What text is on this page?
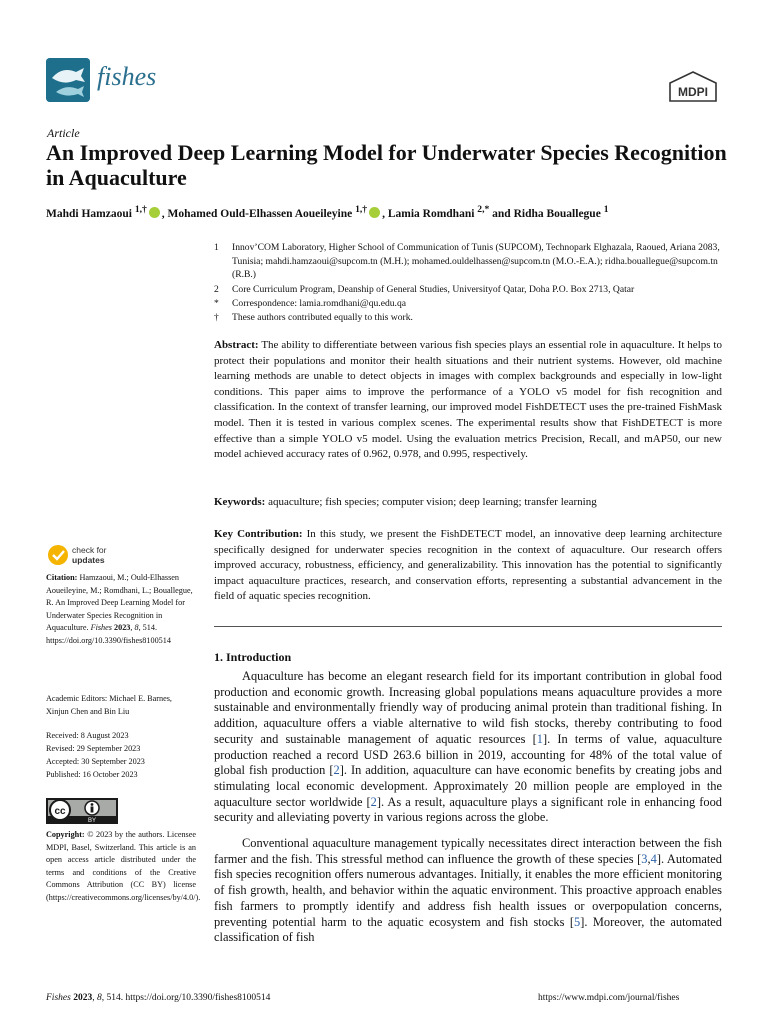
fishes
MDPI
Article
An Improved Deep Learning Model for Underwater Species Recognition in Aquaculture
Mahdi Hamzaoui $^{1,\dagger}$ , Mohamed Ould-Elhassen Aoueileyine $^{1,\dagger}$ , Lamia Romdhani $^{2,*}$ and Ridha Bouallegue $^1$
1	Innov’COM Laboratory, Higher School of Communication of Tunis (SUPCOM), Technopark Elghazala, Raoued, Ariana 2083, Tunisia; mahdi.hamzaoui@supcom.tn (M.H.); mohamed.ouldelhassen@supcom.tn (M.O.-E.A.); ridha.bouallegue@supcom.tn (R.B.)
2	Core Curriculum Program, Deanship of General Studies, Universityof Qatar, Doha P.O. Box 2713, Qatar
*	Correspondence: lamia.romdhani@qu.edu.qa
†	These authors contributed equally to this work.
Abstract: The ability to differentiate between various fish species plays an essential role in aquaculture. It helps to protect their populations and monitor their health situations and their nutrient systems. However, old machine learning methods are unable to detect objects in images with complex backgrounds and especially in low-light conditions. This paper aims to improve the performance of a YOLO v5 model for fish recognition and classification. In the context of transfer learning, our improved model FishDETECT uses the pre-trained FishMask model. Then it is tested in various complex scenes. The experimental results show that FishDETECT is more effective than a simple YOLO v5 model. Using the evaluation metrics Precision, Recall, and mAP50, our new model achieved accuracy rates of 0.962, 0.978, and 0.995, respectively.
Keywords: aquaculture; fish species; computer vision; deep learning; transfer learning
Key Contribution: In this study, we present the FishDETECT model, an innovative deep learning architecture specifically designed for underwater species recognition in the context of aquaculture. Our research offers improved accuracy, robustness, efficiency, and generalizability. This innovation has the potential to significantly impact aquaculture practices, research, and conservation efforts, representing a substantial advancement in the field of aquatic species recognition.
check for
updates
Citation: Hamzaoui, M.; Ould-Elhassen Aoueileyine, M.; Romdhani, L.; Bouallegue, R. An Improved Deep Learning Model for Underwater Species Recognition in Aquaculture. Fishes 2023, 8, 514. https://doi.org/10.3390/fishes8100514
Academic Editors: Michael E. Barnes, Xinjun Chen and Bin Liu
Received: 8 August 2023
Revised: 29 September 2023
Accepted: 30 September 2023
Published: 16 October 2023
cc
BY
Copyright: © 2023 by the authors. Licensee MDPI, Basel, Switzerland. This article is an open access article distributed under the terms and conditions of the Creative Commons Attribution (CC BY) license (https://creativecommons.org/licenses/by/4.0/).
1. Introduction
Aquaculture has become an elegant research field for its important contribution in global food production and economic growth. Increasing global populations means aquaculture provides a more sustainable and environmentally friendly way of producing animal protein than traditional fishing. In addition, aquaculture offers a viable alternative to wild fish stocks, thereby contributing to food security and sustainable management of aquatic resources [1]. In terms of value, aquaculture production reached a record USD 263.6 billion in 2019, accounting for 48% of the total value of global fish production [2]. In addition, aquaculture can have economic benefits by creating jobs and stimulating local economic development. Approximately 20 million people are employed in the aquaculture sector worldwide [2]. As a result, aquaculture plays a significant role in enhancing food security and alleviating poverty in various regions across the globe.
Conventional aquaculture management typically necessitates direct interaction between the fish farmer and the fish. This stressful method can influence the growth of these species [3,4]. Automated fish species recognition offers numerous advantages. Initially, it enables the more efficient monitoring of fish growth, health, and behavior within the aquatic environment. This proactive approach enables fish farmers to promptly identify and address fish health issues or overpopulation concerns, preventing potential harm to the aquatic ecosystem and fish stocks [5]. Moreover, the automated classification of fish
Fishes 2023, 8, 514. https://doi.org/10.3390/fishes8100514	https://www.mdpi.com/journal/fishes
